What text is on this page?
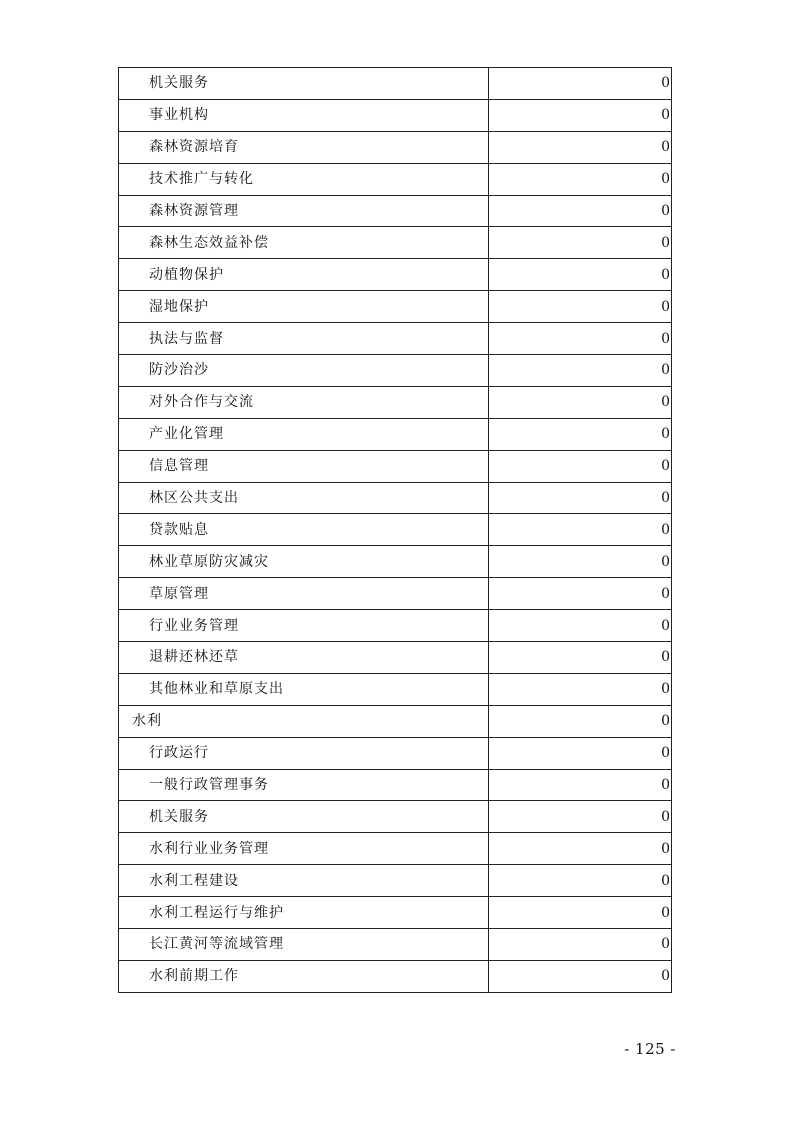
机关服务	0
事业机构	0
森林资源培育	0
技术推广与转化	0
森林资源管理	0
森林生态效益补偿	0
动植物保护	0
湿地保护	0
执法与监督	0
防沙治沙	0
对外合作与交流	0
产业化管理	0
信息管理	0
林区公共支出	0
贷款贴息	0
林业草原防灾减灾	0
草原管理	0
行业业务管理	0
退耕还林还草	0
其他林业和草原支出	0
水利	0
行政运行	0
一般行政管理事务	0
机关服务	0
水利行业业务管理	0
水利工程建设	0
水利工程运行与维护	0
长江黄河等流域管理	0
水利前期工作	0
- 125 -
